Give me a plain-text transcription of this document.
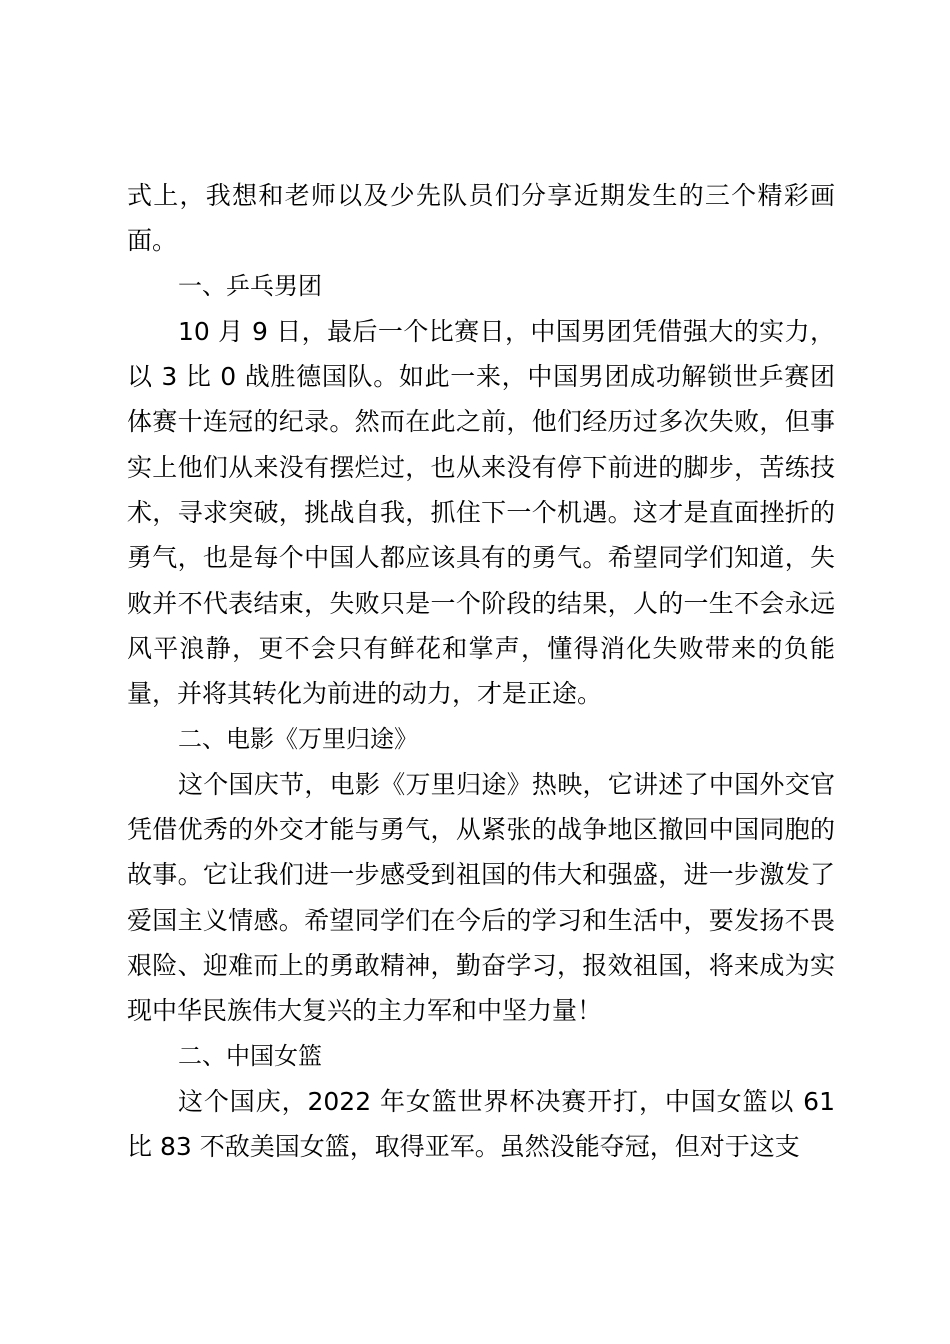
式上，我想和老师以及少先队员们分享近期发生的三个精彩画面。

一、乒乓男团

10 月 9 日，最后一个比赛日，中国男团凭借强大的实力，以 3 比 0 战胜德国队。如此一来，中国男团成功解锁世乒赛团体赛十连冠的纪录。然而在此之前，他们经历过多次失败，但事实上他们从来没有摆烂过，也从来没有停下前进的脚步，苦练技术，寻求突破，挑战自我，抓住下一个机遇。这才是直面挫折的勇气，也是每个中国人都应该具有的勇气。希望同学们知道，失败并不代表结束，失败只是一个阶段的结果，人的一生不会永远风平浪静，更不会只有鲜花和掌声，懂得消化失败带来的负能量，并将其转化为前进的动力，才是正途。

二、电影《万里归途》

这个国庆节，电影《万里归途》热映，它讲述了中国外交官凭借优秀的外交才能与勇气，从紧张的战争地区撤回中国同胞的故事。它让我们进一步感受到祖国的伟大和强盛，进一步激发了爱国主义情感。希望同学们在今后的学习和生活中，要发扬不畏艰险、迎难而上的勇敢精神，勤奋学习，报效祖国，将来成为实现中华民族伟大复兴的主力军和中坚力量！

二、中国女篮

这个国庆，2022 年女篮世界杯决赛开打，中国女篮以 61 比 83 不敌美国女篮，取得亚军。虽然没能夺冠，但对于这支
